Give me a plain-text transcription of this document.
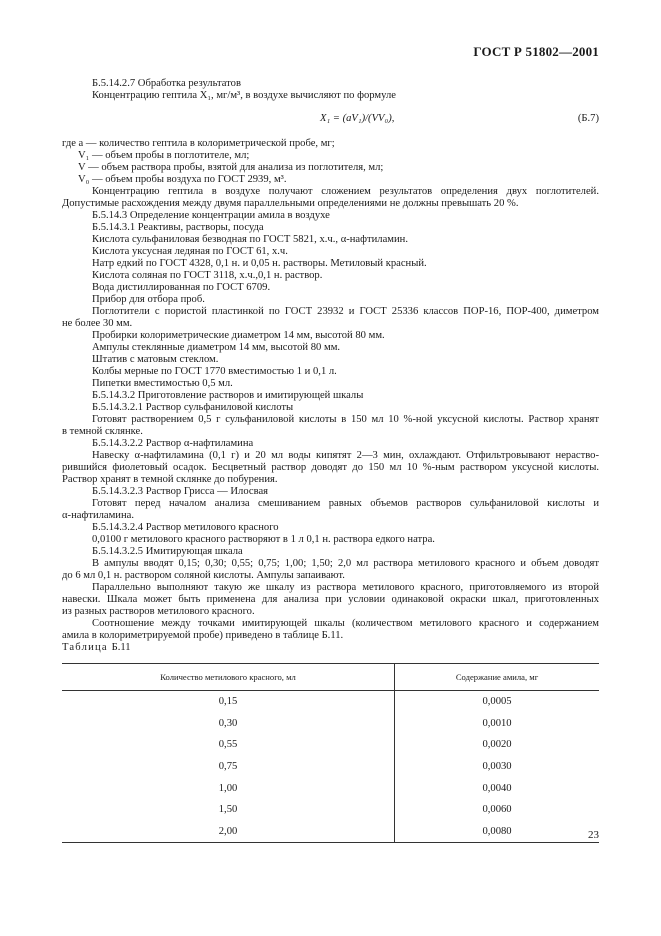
ГОСТ Р 51802—2001
Б.5.14.2.7 Обработка результатов
Концентрацию гептила X₁, мг/м³, в воздухе вычисляют по формуле
где a — количество гептила в колориметрической пробе, мг;
V₁ — объем пробы в поглотителе, мл;
V — объем раствора пробы, взятой для анализа из поглотителя, мл;
V₀ — объем пробы воздуха по ГОСТ 2939, м³.
Концентрацию гептила в воздухе получают сложением результатов определения двух поглотителей.
Допустимые расхождения между двумя параллельными определениями не должны превышать 20 %.
Б.5.14.3 Определение концентрации амила в воздухе
Б.5.14.3.1 Реактивы, растворы, посуда
Кислота сульфаниловая безводная по ГОСТ 5821, х.ч., α-нафтиламин.
Кислота уксусная ледяная по ГОСТ 61, х.ч.
Натр едкий по ГОСТ 4328, 0,1 н. и 0,05 н. растворы. Метиловый красный.
Кислота соляная по ГОСТ 3118, х.ч.,0,1 н. раствор.
Вода дистиллированная по ГОСТ 6709.
Прибор для отбора проб.
Поглотители с пористой пластинкой по ГОСТ 23932 и ГОСТ 25336 классов ПОР-16, ПОР-400, диметром
не более 30 мм.
Пробирки колориметрические диаметром 14 мм, высотой 80 мм.
Ампулы стеклянные диаметром 14 мм, высотой 80 мм.
Штатив с матовым стеклом.
Колбы мерные по ГОСТ 1770 вместимостью 1 и 0,1 л.
Пипетки вместимостью 0,5 мл.
Б.5.14.3.2 Приготовление растворов и имитирующей шкалы
Б.5.14.3.2.1 Раствор сульфаниловой кислоты
Готовят растворением 0,5 г сульфаниловой кислоты в 150 мл 10 %-ной уксусной кислоты. Раствор хранят
в темной склянке.
Б.5.14.3.2.2 Раствор α-нафтиламина
Навеску α-нафтиламина (0,1 г) и 20 мл воды кипятят 2—3 мин, охлаждают. Отфильтровывают нераство-
рившийся фиолетовый осадок. Бесцветный раствор доводят до 150 мл 10 %-ным раствором уксусной кислоты.
Раствор хранят в темной склянке до побурения.
Б.5.14.3.2.3 Раствор Грисса — Илосвая
Готовят перед началом анализа смешиванием равных объемов растворов сульфаниловой кислоты и
α-нафтиламина.
Б.5.14.3.2.4 Раствор метилового красного
0,0100 г метилового красного растворяют в 1 л 0,1 н. раствора едкого натра.
Б.5.14.3.2.5 Имитирующая шкала
В ампулы вводят 0,15; 0,30; 0,55; 0,75; 1,00; 1,50; 2,0 мл раствора метилового красного и объем доводят
до 6 мл 0,1 н. раствором соляной кислоты. Ампулы запаивают.
Параллельно выполняют такую же шкалу из раствора метилового красного, приготовляемого из второй
навески. Шкала может быть применена для анализа при условии одинаковой окраски шкал, приготовленных
из разных растворов метилового красного.
Соотношение между точками имитирующей шкалы (количеством метилового красного и содержанием
амила в колориметрируемой пробе) приведено в таблице Б.11.
X₁ = (aV₁)/(VV₀),	(Б.7)
Таблица Б.11
Количество метилового красного, мл	Содержание амила, мг
0,15	0,0005
0,30	0,0010
0,55	0,0020
0,75	0,0030
1,00	0,0040
1,50	0,0060
2,00	0,0080	23
